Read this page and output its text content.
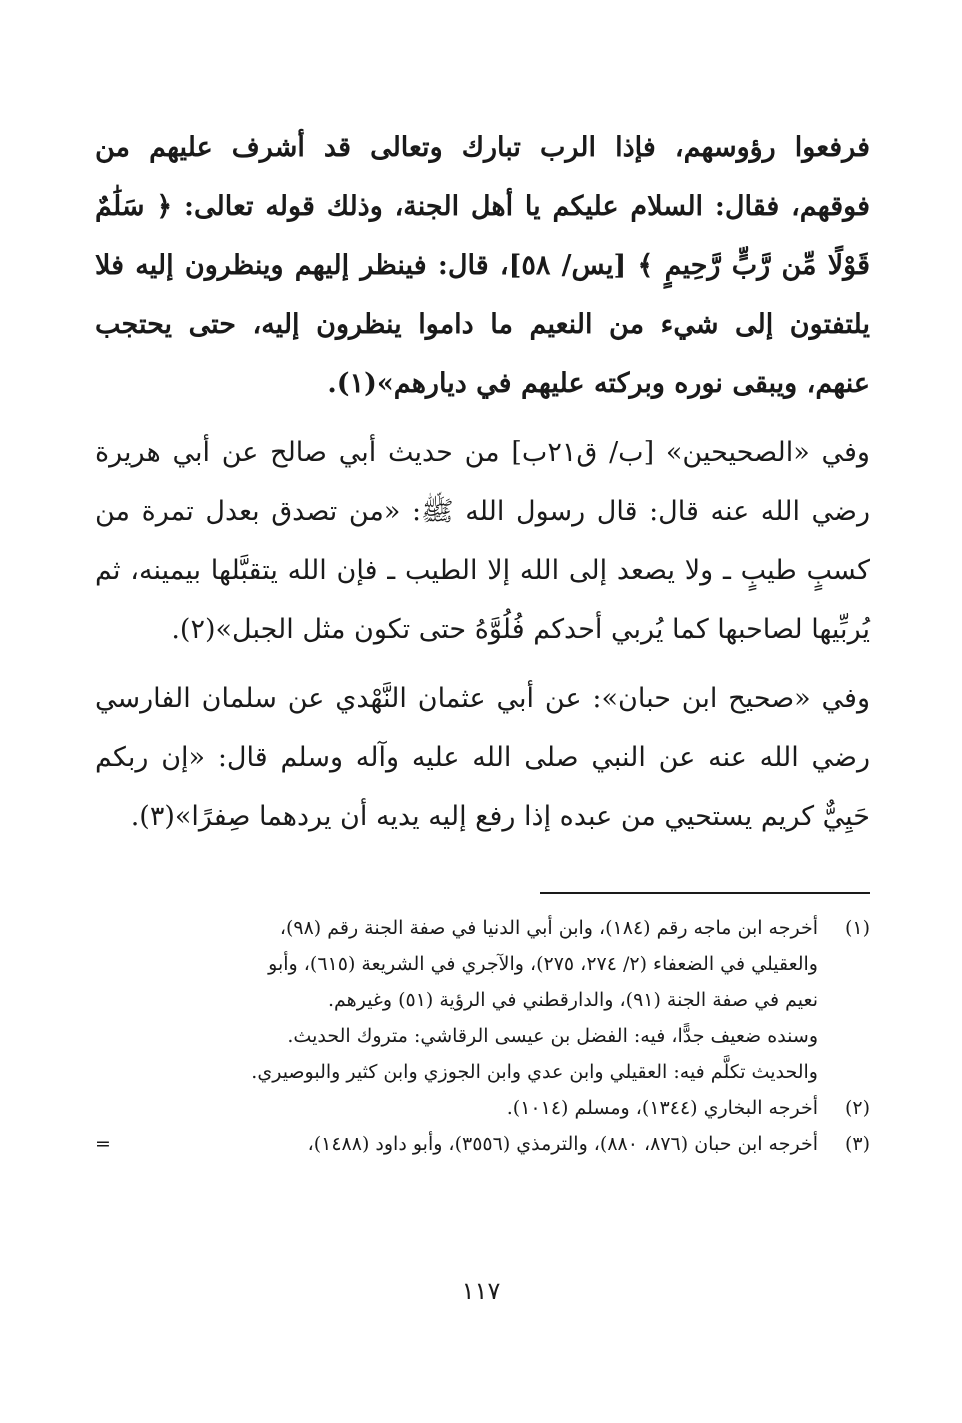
فرفعوا رؤوسهم، فإذا الرب تبارك وتعالى قد أشرف عليهم من فوقهم، فقال: السلام عليكم يا أهل الجنة، وذلك قوله تعالى: ﴿ سَلَٰمٌ قَوْلًا مِّن رَّبٍّ رَّحِيمٍ ﴾ [يس/ ٥٨]، قال: فينظر إليهم وينظرون إليه فلا يلتفتون إلى شيء من النعيم ما داموا ينظرون إليه، حتى يحتجب عنهم، ويبقى نوره وبركته عليهم في ديارهم»(١).

وفي «الصحيحين» [ب/ ق٢١ب] من حديث أبي صالح عن أبي هريرة رضي الله عنه قال: قال رسول الله ﷺ: «من تصدق بعدل تمرة من كسبٍ طيبٍ ـ ولا يصعد إلى الله إلا الطيب ـ فإن الله يتقبَّلها بيمينه، ثم يُربِّيها لصاحبها كما يُربي أحدكم فُلُوَّهُ حتى تكون مثل الجبل»(٢).

وفي «صحيح ابن حبان»: عن أبي عثمان النَّهْدي عن سلمان الفارسي رضي الله عنه عن النبي صلى الله عليه وآله وسلم قال: «إن ربكم حَيِيٌّ كريم يستحيي من عبده إذا رفع إليه يديه أن يردهما صِفرًا»(٣).

(١)
أخرجه ابن ماجه رقم (١٨٤)، وابن أبي الدنيا في صفة الجنة رقم (٩٨)،
والعقيلي في الضعفاء (٢/ ٢٧٤، ٢٧٥)، والآجري في الشريعة (٦١٥)، وأبو
نعيم في صفة الجنة (٩١)، والدارقطني في الرؤية (٥١) وغيرهم.
وسنده ضعيف جدًّا، فيه: الفضل بن عيسى الرقاشي: متروك الحديث.
والحديث تكلَّم فيه: العقيلي وابن عدي وابن الجوزي وابن كثير والبوصيري.
(٢)
أخرجه البخاري (١٣٤٤)، ومسلم (١٠١٤).
(٣)
أخرجه ابن حبان (٨٧٦، ٨٨٠)، والترمذي (٣٥٥٦)، وأبو داود (١٤٨٨)،
=
١١٧
